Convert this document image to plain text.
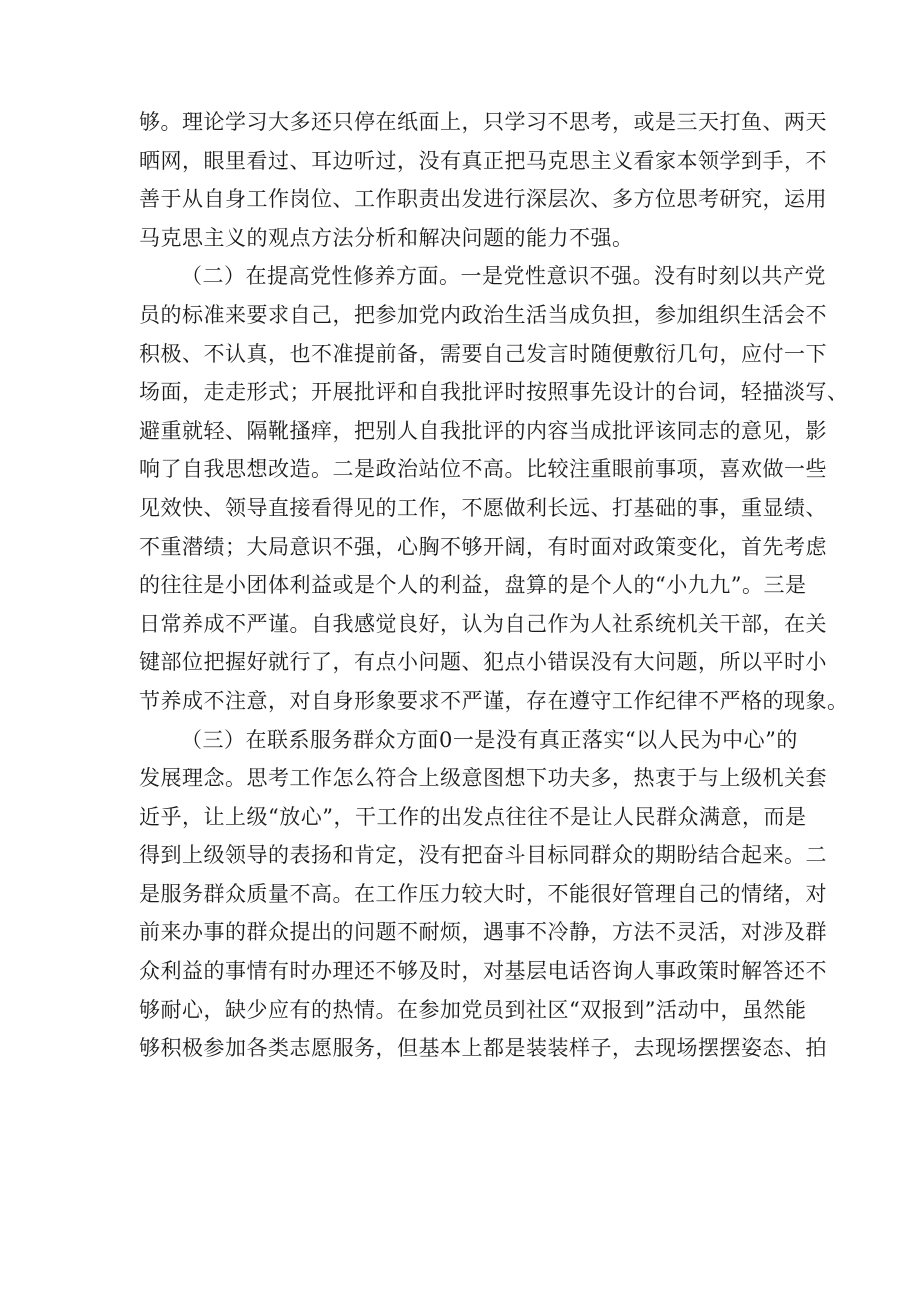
够。理论学习大多还只停在纸面上，只学习不思考，或是三天打鱼、两天
晒网，眼里看过、耳边听过，没有真正把马克思主义看家本领学到手，不
善于从自身工作岗位、工作职责出发进行深层次、多方位思考研究，运用
马克思主义的观点方法分析和解决问题的能力不强。
（二）在提高党性修养方面。一是党性意识不强。没有时刻以共产党
员的标准来要求自己，把参加党内政治生活当成负担，参加组织生活会不
积极、不认真，也不准提前备，需要自己发言时随便敷衍几句，应付一下
场面，走走形式；开展批评和自我批评时按照事先设计的台词，轻描淡写、
避重就轻、隔靴搔痒，把别人自我批评的内容当成批评该同志的意见，影
响了自我思想改造。二是政治站位不高。比较注重眼前事项，喜欢做一些
见效快、领导直接看得见的工作，不愿做利长远、打基础的事，重显绩、
不重潜绩；大局意识不强，心胸不够开阔，有时面对政策变化，首先考虑
的往往是小团体利益或是个人的利益，盘算的是个人的“小九九”。三是
日常养成不严谨。自我感觉良好，认为自己作为人社系统机关干部，在关
键部位把握好就行了，有点小问题、犯点小错误没有大问题，所以平时小
节养成不注意，对自身形象要求不严谨，存在遵守工作纪律不严格的现象。
（三）在联系服务群众方面0一是没有真正落实“以人民为中心”的
发展理念。思考工作怎么符合上级意图想下功夫多，热衷于与上级机关套
近乎，让上级“放心”，干工作的出发点往往不是让人民群众满意，而是
得到上级领导的表扬和肯定，没有把奋斗目标同群众的期盼结合起来。二
是服务群众质量不高。在工作压力较大时，不能很好管理自己的情绪，对
前来办事的群众提出的问题不耐烦，遇事不冷静，方法不灵活，对涉及群
众利益的事情有时办理还不够及时，对基层电话咨询人事政策时解答还不
够耐心，缺少应有的热情。在参加党员到社区“双报到”活动中，虽然能
够积极参加各类志愿服务，但基本上都是装装样子，去现场摆摆姿态、拍
